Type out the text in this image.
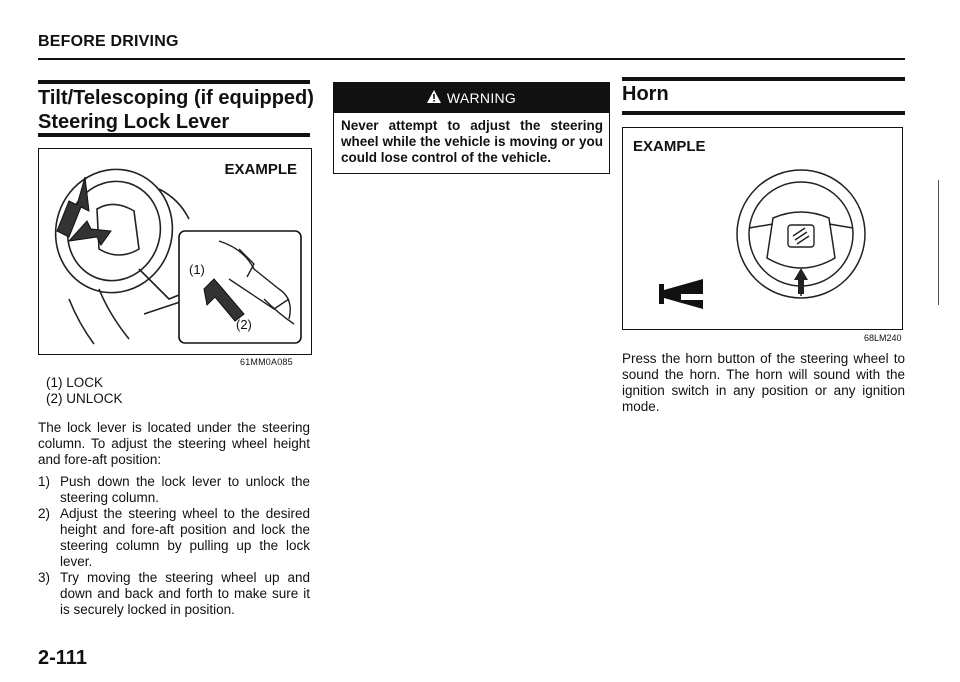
BEFORE DRIVING
Tilt/Telescoping (if equipped)
Steering Lock Lever
EXAMPLE
(1)
(2)
61MM0A085
(1) LOCK
(2) UNLOCK
The lock lever is located under the steering column. To adjust the steering wheel height and fore-aft position:
1) Push down the lock lever to unlock the steering column.
2) Adjust the steering wheel to the desired height and fore-aft position and lock the steering column by pulling up the lock lever.
3) Try moving the steering wheel up and down and back and forth to make sure it is securely locked in position.
2-111
WARNING
Never attempt to adjust the steering wheel while the vehicle is moving or you could lose control of the vehicle.
Horn
EXAMPLE
68LM240
Press the horn button of the steering wheel to sound the horn. The horn will sound with the ignition switch in any position or any ignition mode.
